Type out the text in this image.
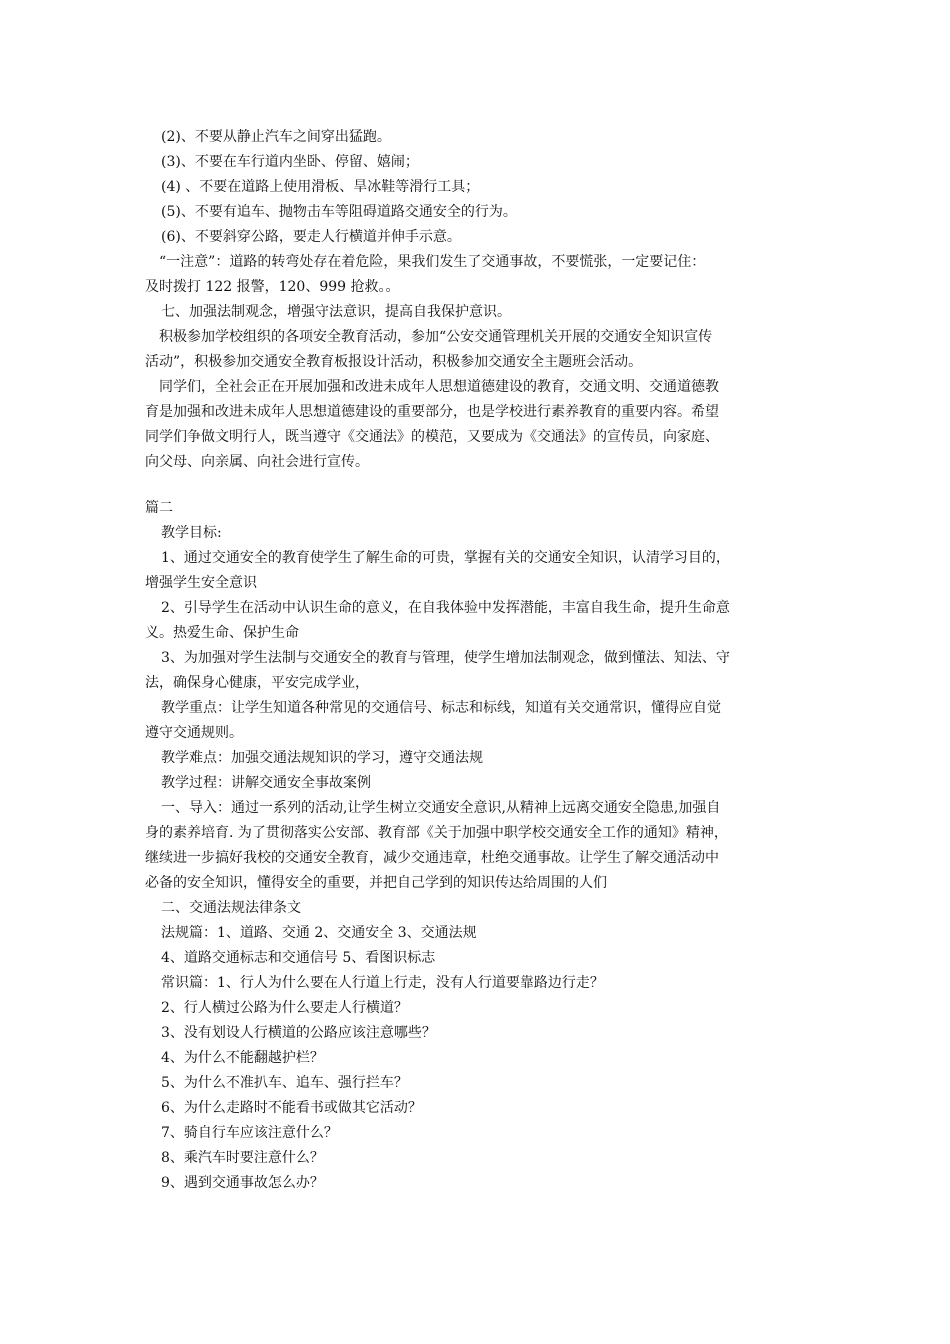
(2)、不要从静止汽车之间穿出猛跑。
(3)、不要在车行道内坐卧、停留、嬉闹；
(4) 、不要在道路上使用滑板、旱冰鞋等滑行工具；
(5)、不要有追车、抛物击车等阻碍道路交通安全的行为。
(6)、不要斜穿公路，要走人行横道并伸手示意。
“一注意”：道路的转弯处存在着危险，果我们发生了交通事故，不要慌张，一定要记住：
及时拨打 122 报警，120、999 抢救。。
七、加强法制观念，增强守法意识，提高自我保护意识。
积极参加学校组织的各项安全教育活动，参加“公安交通管理机关开展的交通安全知识宣传
活动”，积极参加交通安全教育板报设计活动，积极参加交通安全主题班会活动。
同学们，全社会正在开展加强和改进未成年人思想道德建设的教育，交通文明、交通道德教
育是加强和改进未成年人思想道德建设的重要部分，也是学校进行素养教育的重要内容。希望
同学们争做文明行人，既当遵守《交通法》的模范，又要成为《交通法》的宣传员，向家庭、
向父母、向亲属、向社会进行宣传。
篇二
教学目标:
1、通过交通安全的教育使学生了解生命的可贵，掌握有关的交通安全知识，认清学习目的，
增强学生安全意识
2、引导学生在活动中认识生命的意义，在自我体验中发挥潜能，丰富自我生命，提升生命意
义。热爱生命、保护生命
3、为加强对学生法制与交通安全的教育与管理，使学生增加法制观念，做到懂法、知法、守
法，确保身心健康，平安完成学业，
教学重点：让学生知道各种常见的交通信号、标志和标线，知道有关交通常识，懂得应自觉
遵守交通规则。
教学难点：加强交通法规知识的学习，遵守交通法规
教学过程：讲解交通安全事故案例
一、导入：通过一系列的活动,让学生树立交通安全意识,从精神上远离交通安全隐患,加强自
身的素养培育. 为了贯彻落实公安部、教育部《关于加强中职学校交通安全工作的通知》精神，
继续进一步搞好我校的交通安全教育，减少交通违章，杜绝交通事故。让学生了解交通活动中
必备的安全知识，懂得安全的重要，并把自己学到的知识传达给周围的人们
二、交通法规法律条文
法规篇：1、道路、交通 2、交通安全 3、交通法规
4、道路交通标志和交通信号 5、看图识标志
常识篇：1、行人为什么要在人行道上行走，没有人行道要靠路边行走？
2、行人横过公路为什么要走人行横道？
3、没有划设人行横道的公路应该注意哪些？
4、为什么不能翻越护栏？
5、为什么不准扒车、追车、强行拦车？
6、为什么走路时不能看书或做其它活动？
7、骑自行车应该注意什么？
8、乘汽车时要注意什么？
9、遇到交通事故怎么办？
